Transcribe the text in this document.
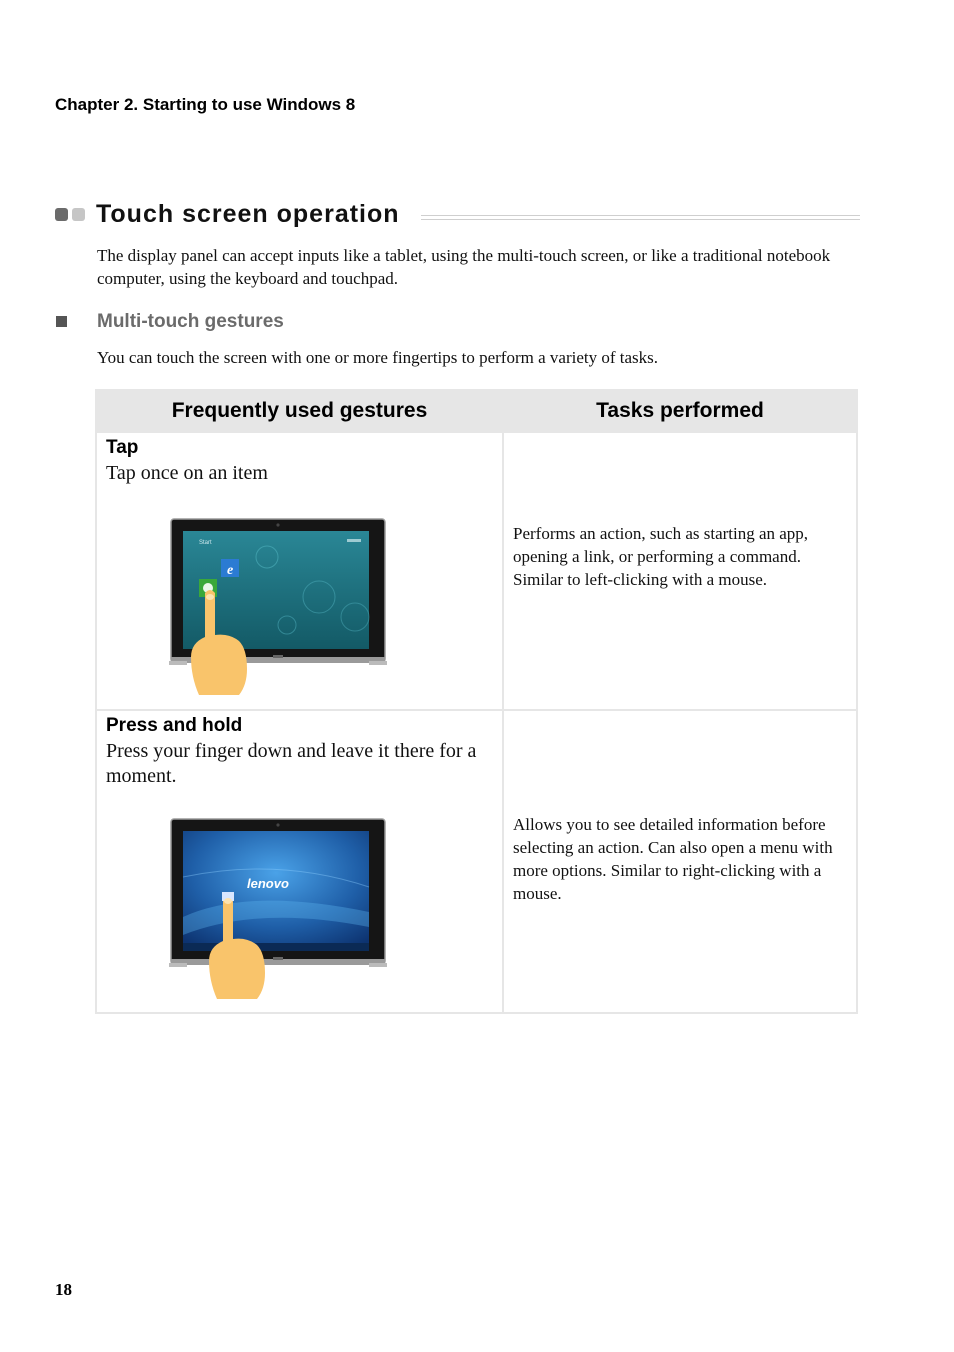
Chapter 2. Starting to use Windows 8
Touch screen operation
The display panel can accept inputs like a tablet, using the multi-touch screen, or like a traditional notebook computer, using the keyboard and touchpad.
Multi-touch gestures
You can touch the screen with one or more fingertips to perform a variety of tasks.
Frequently used gestures	Tasks performed

Tap
Tap once on an item
Start
e	Performs an action, such as starting an app, opening a link, or performing a command. Similar to left-clicking with a mouse.

Press and hold
Press your finger down and leave it there for a moment.
lenovo	Allows you to see detailed information before selecting an action. Can also open a menu with more options. Similar to right-clicking with a mouse.
18
